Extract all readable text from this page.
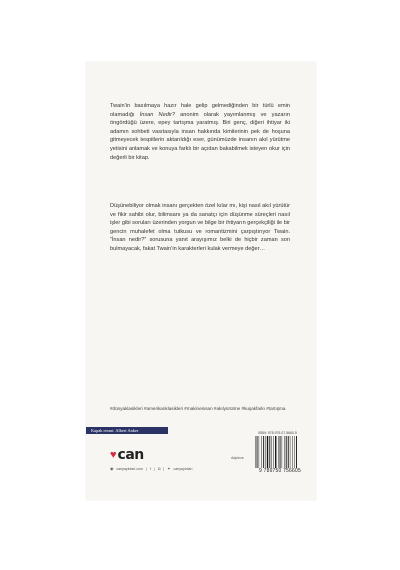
Twain’in basılmaya hazır hale gelip gelmediğinden bir türlü emin olamadığı İnsan Nedir? anonim olarak yayımlanmış ve yazarın öngördüğü üzere, epey tartışma yaratmış. Biri genç, diğeri ihtiyar iki adamın sohbeti vasıtasıyla insan hakkında kimilerinin pek de hoşuna gitmeyecek tespitlerin aktarıldığı eser, günümüzde insanın akıl yürütme yetisini anlamak ve konuya farklı bir açıdan bakabilmek isteyen okur için değerli bir kitap.

Düşünebiliyor olmak insanı gerçekten özel kılar mı, kişi nasıl akıl yürütür ve fikir sahibi olur, bilimsanı ya da sanatçı için düşünme süreçleri nasıl işler gibi soruları üzerinden yorgun ve bilge bir ihtiyarın gerçekçiliği ile bir gencin muhalefet olma tutkusu ve romantizmini çarpıştırıyor Twain. “İnsan nedir?” sorusuna yanıt arayışımız belki de hiçbir zaman son bulmayacak, fakat Twain’in karakterleri kulak vermeye değer…

#dünyaklasikleri #amerikanklasikleri #makineinsan #akılyürütme #kuşakfarkı #tartışma

Kapak resmi: Albert Anker	ISBN: 978-975-07-5660-5
9 789750 756605
♥ can	düşünce
◉ canyayinlari.com | f | ◘ | ✦ canyayinlari
